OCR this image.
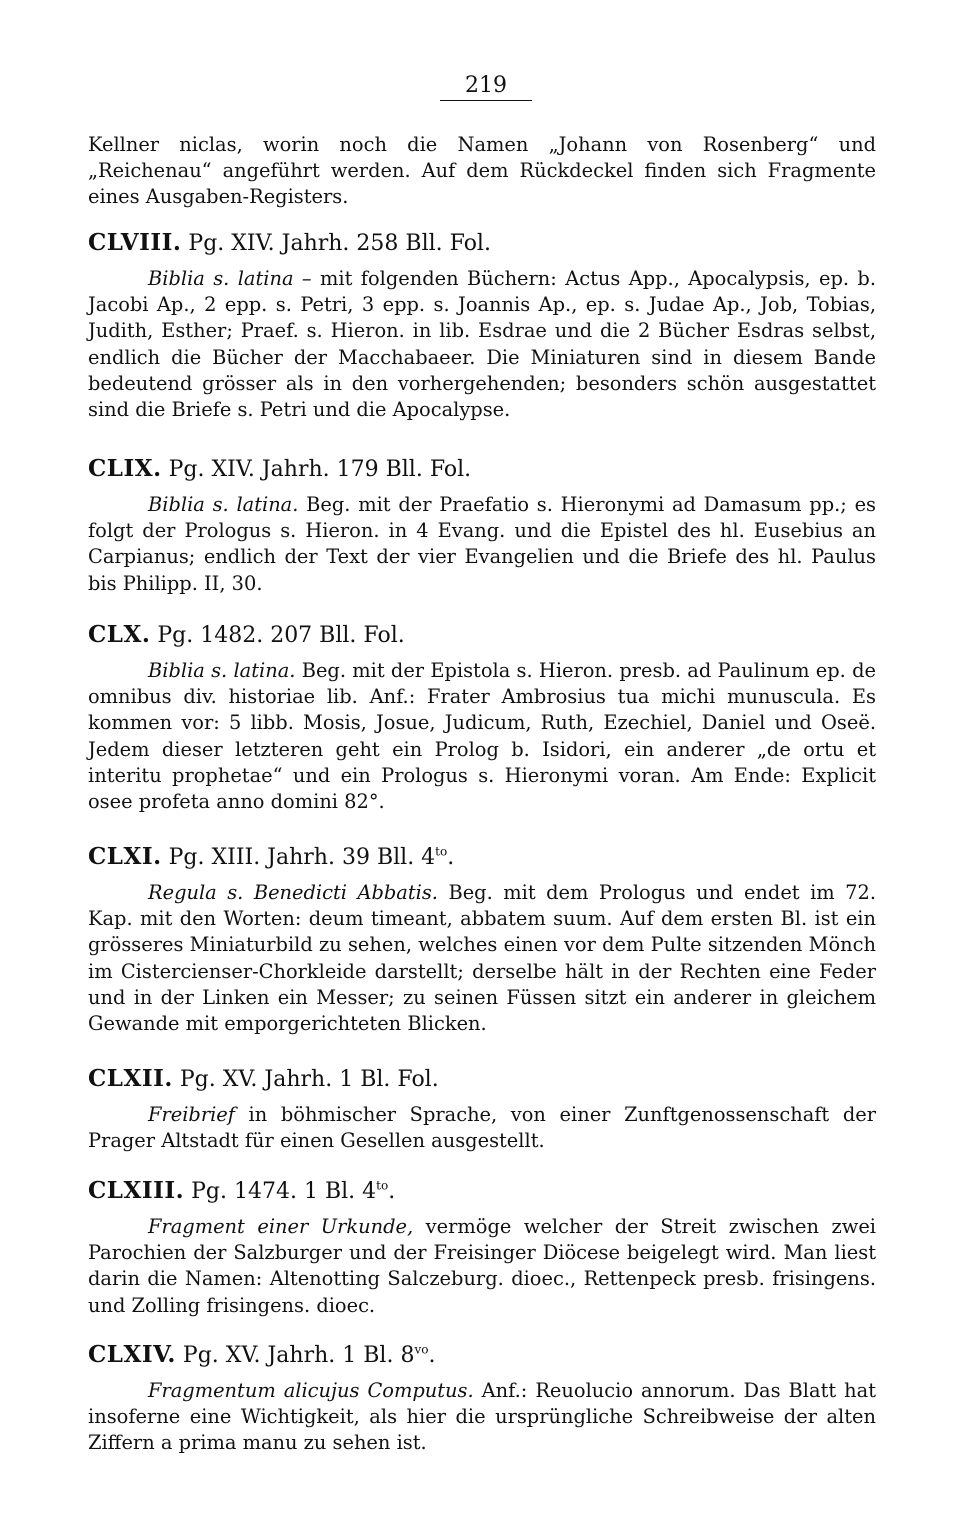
219

Kellner niclas, worin noch die Namen „Johann von Rosenberg“ und „Reichenau“ angeführt werden. Auf dem Rückdeckel finden sich Fragmente eines Ausgaben-Registers.

CLVIII. Pg. XIV. Jahrh. 258 Bll. Fol.

Biblia s. latina – mit folgenden Büchern: Actus App., Apocalypsis, ep. b. Jacobi Ap., 2 epp. s. Petri, 3 epp. s. Joannis Ap., ep. s. Judae Ap., Job, Tobias, Judith, Esther; Praef. s. Hieron. in lib. Esdrae und die 2 Bücher Esdras selbst, endlich die Bücher der Macchabaeer. Die Miniaturen sind in diesem Bande bedeutend grösser als in den vorhergehenden; besonders schön ausgestattet sind die Briefe s. Petri und die Apocalypse.

CLIX. Pg. XIV. Jahrh. 179 Bll. Fol.

Biblia s. latina. Beg. mit der Praefatio s. Hieronymi ad Damasum pp.; es folgt der Prologus s. Hieron. in 4 Evang. und die Epistel des hl. Eusebius an Carpianus; endlich der Text der vier Evangelien und die Briefe des hl. Paulus bis Philipp. II, 30.

CLX. Pg. 1482. 207 Bll. Fol.

Biblia s. latina. Beg. mit der Epistola s. Hieron. presb. ad Paulinum ep. de omnibus div. historiae lib. Anf.: Frater Ambrosius tua michi munuscula. Es kommen vor: 5 libb. Mosis, Josue, Judicum, Ruth, Ezechiel, Daniel und Oseë. Jedem dieser letzteren geht ein Prolog b. Isidori, ein anderer „de ortu et interitu prophetae“ und ein Prologus s. Hieronymi voran. Am Ende: Explicit osee profeta anno domini 82°.

CLXI. Pg. XIII. Jahrh. 39 Bll. $4^{to}$.

Regula s. Benedicti Abbatis. Beg. mit dem Prologus und endet im 72. Kap. mit den Worten: deum timeant, abbatem suum. Auf dem ersten Bl. ist ein grösseres Miniaturbild zu sehen, welches einen vor dem Pulte sitzenden Mönch im Cistercienser-Chorkleide darstellt; derselbe hält in der Rechten eine Feder und in der Linken ein Messer; zu seinen Füssen sitzt ein anderer in gleichem Gewande mit emporgerichteten Blicken.

CLXII. Pg. XV. Jahrh. 1 Bl. Fol.

Freibrief in böhmischer Sprache, von einer Zunftgenossenschaft der Prager Altstadt für einen Gesellen ausgestellt.

CLXIII. Pg. 1474. 1 Bl. $4^{to}$.

Fragment einer Urkunde, vermöge welcher der Streit zwischen zwei Parochien der Salzburger und der Freisinger Diöcese beigelegt wird. Man liest darin die Namen: Altenotting Salczeburg. dioec., Rettenpeck presb. frisingens. und Zolling frisingens. dioec.

CLXIV. Pg. XV. Jahrh. 1 Bl. $8^{vo}$.

Fragmentum alicujus Computus. Anf.: Reuolucio annorum. Das Blatt hat insoferne eine Wichtigkeit, als hier die ursprüngliche Schreibweise der alten Ziffern a prima manu zu sehen ist.
